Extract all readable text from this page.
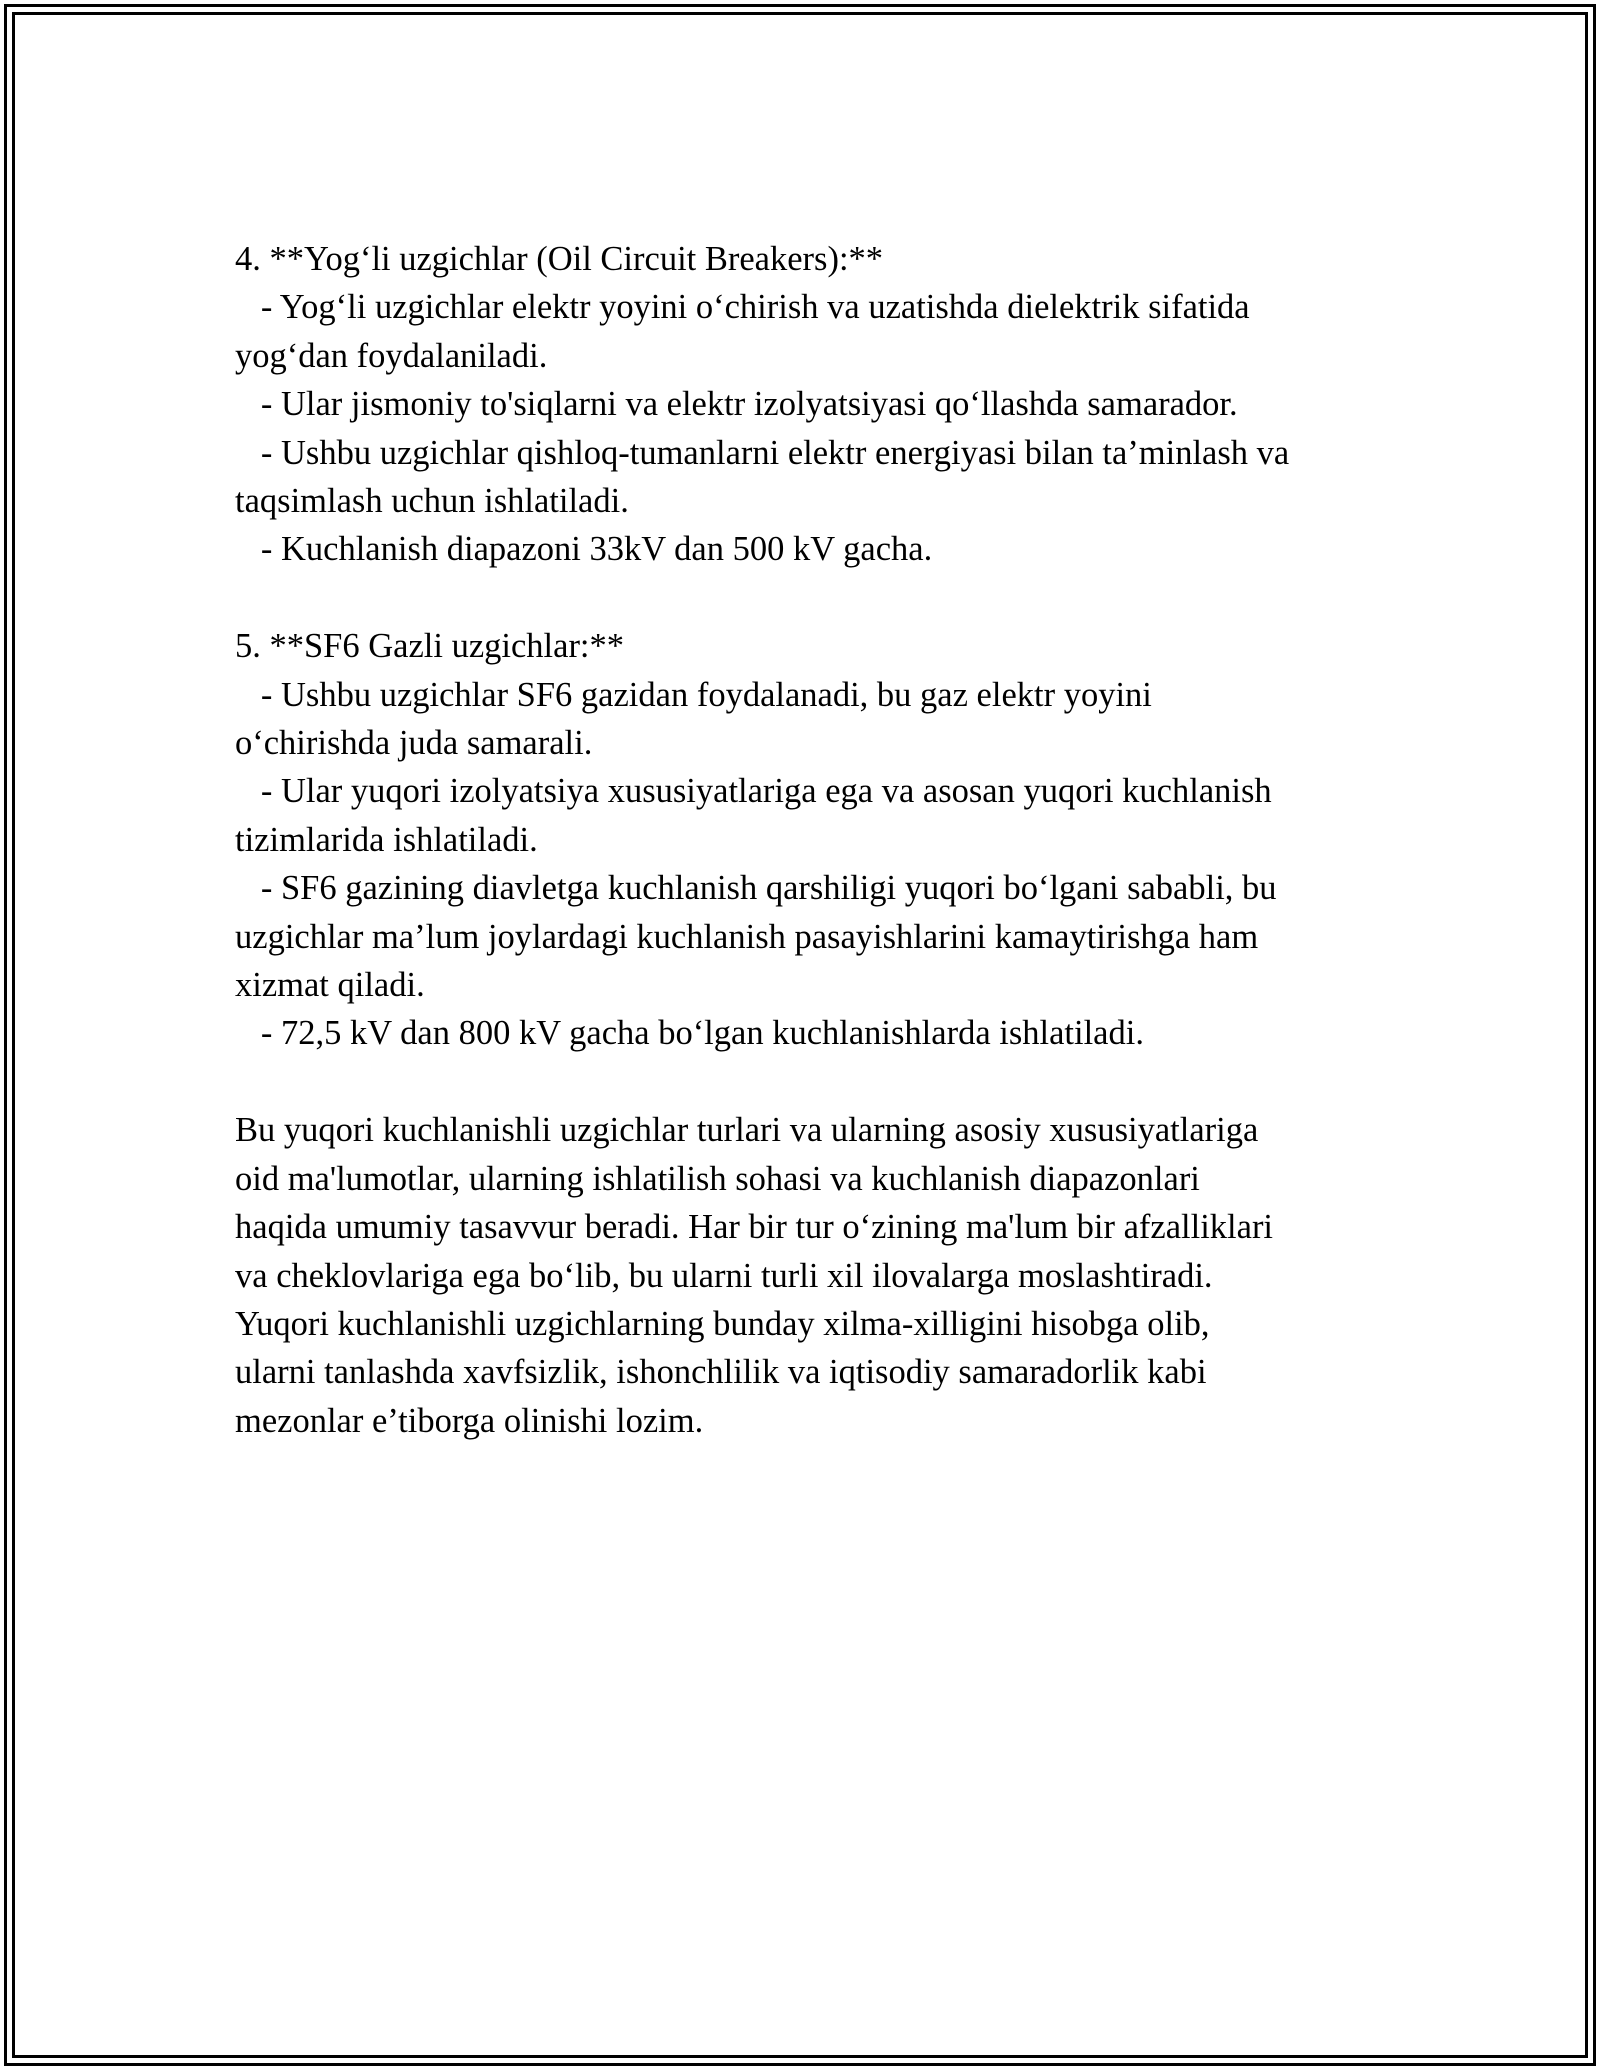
4. **Yog‘li uzgichlar (Oil Circuit Breakers):**

- Yog‘li uzgichlar elektr yoyini o‘chirish va uzatishda dielektrik sifatida

yog‘dan foydalaniladi.

- Ular jismoniy to'siqlarni va elektr izolyatsiyasi qo‘llashda samarador.

- Ushbu uzgichlar qishloq-tumanlarni elektr energiyasi bilan ta’minlash va

taqsimlash uchun ishlatiladi.

- Kuchlanish diapazoni 33kV dan 500 kV gacha.

5. **SF6 Gazli uzgichlar:**

- Ushbu uzgichlar SF6 gazidan foydalanadi, bu gaz elektr yoyini

o‘chirishda juda samarali.

- Ular yuqori izolyatsiya xususiyatlariga ega va asosan yuqori kuchlanish

tizimlarida ishlatiladi.

- SF6 gazining diavletga kuchlanish qarshiligi yuqori bo‘lgani sababli, bu

uzgichlar ma’lum joylardagi kuchlanish pasayishlarini kamaytirishga ham

xizmat qiladi.

- 72,5 kV dan 800 kV gacha bo‘lgan kuchlanishlarda ishlatiladi.

Bu yuqori kuchlanishli uzgichlar turlari va ularning asosiy xususiyatlariga

oid ma'lumotlar, ularning ishlatilish sohasi va kuchlanish diapazonlari

haqida umumiy tasavvur beradi. Har bir tur o‘zining ma'lum bir afzalliklari

va cheklovlariga ega bo‘lib, bu ularni turli xil ilovalarga moslashtiradi.

Yuqori kuchlanishli uzgichlarning bunday xilma-xilligini hisobga olib,

ularni tanlashda xavfsizlik, ishonchlilik va iqtisodiy samaradorlik kabi

mezonlar e’tiborga olinishi lozim.
